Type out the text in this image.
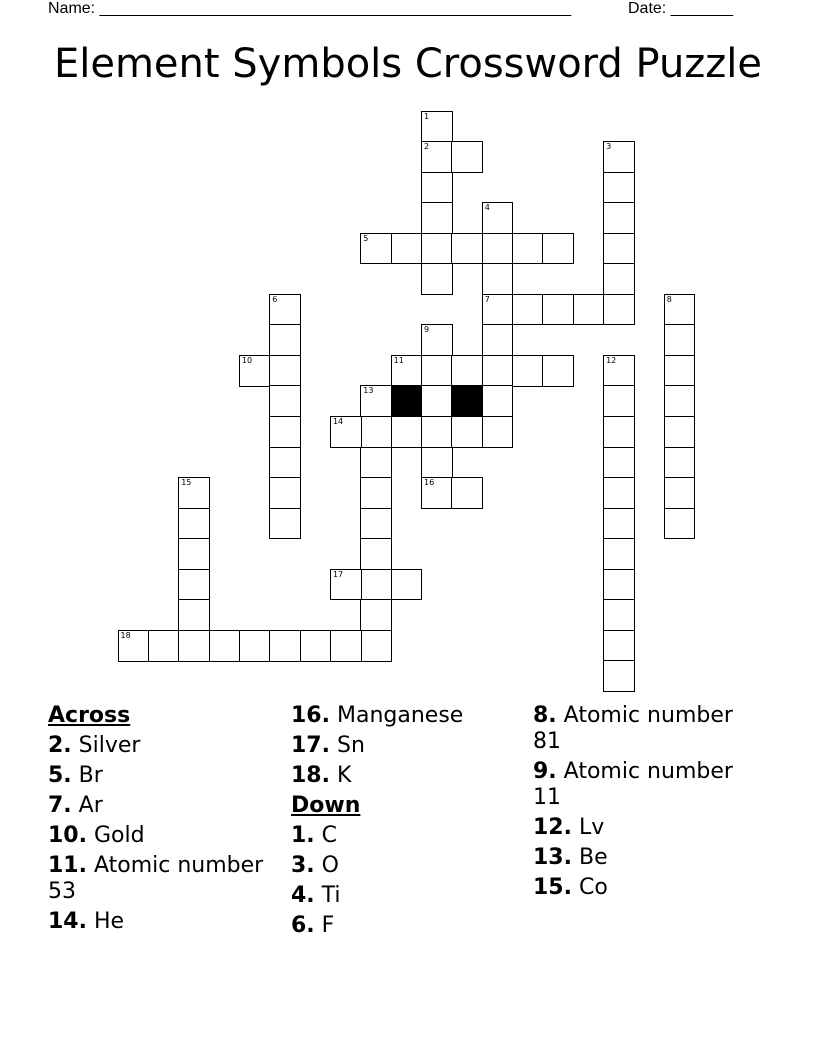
Name: _____________________________________________________	Date: _______
Element Symbols Crossword Puzzle
1
2	3
4
7
5
6	8
9
16
10	11	12
13
14
15
17
18
Across
2. Silver
5. Br
7. Ar
10. Gold
11. Atomic number 53
14. He
16. Manganese
17. Sn
18. K
Down
1. C
3. O
4. Ti
6. F
8. Atomic number 81
9. Atomic number 11
12. Lv
13. Be
15. Co
